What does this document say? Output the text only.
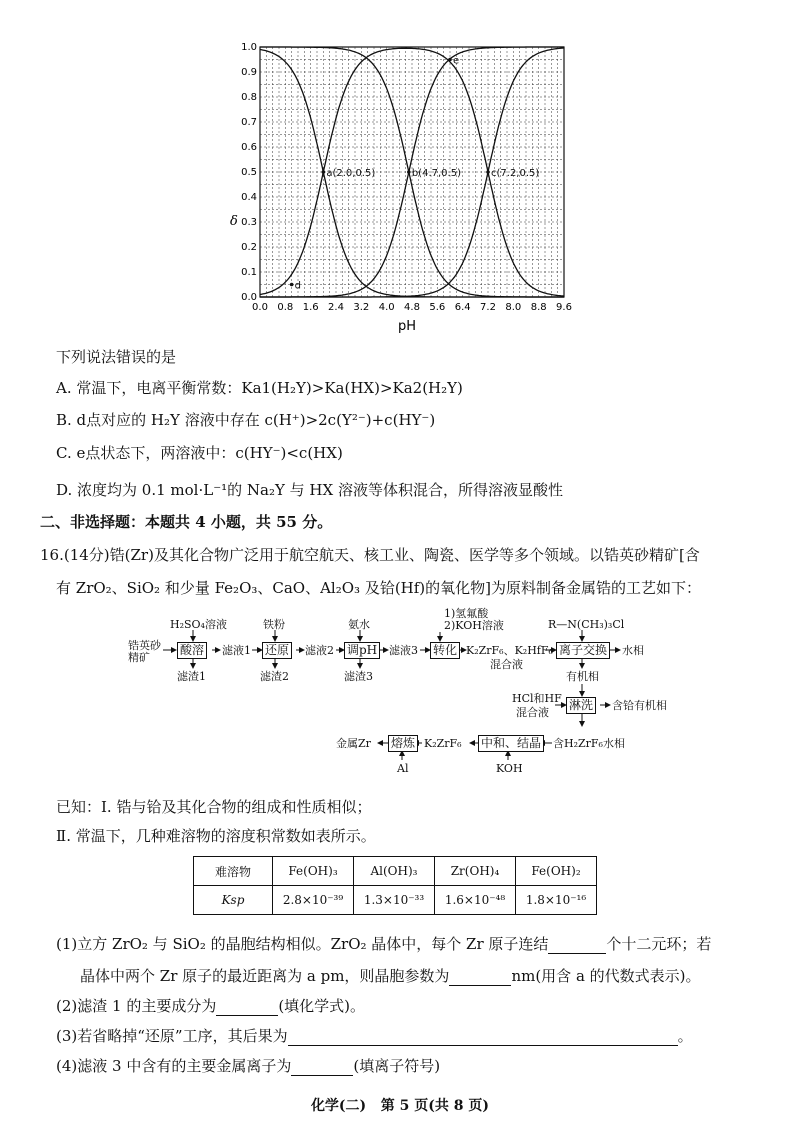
0.0 0.8 1.6 2.4 3.2 4.0 4.8 5.6 6.4 7.2 8.0 8.8 9.6
0.0
0.1
0.2
0.3
0.4
0.5
0.6
0.7
0.8
0.9
1.0
a(2.0,0.5)	b(4.7,0.5)	c(7.2,0.5)
d
e
δ
pH
下列说法错误的是
A. 常温下，电离平衡常数：Ka1(H₂Y)>Ka(HX)>Ka2(H₂Y)
B. d点对应的 H₂Y 溶液中存在 c(H⁺)>2c(Y²⁻)+c(HY⁻)
C. e点状态下，两溶液中：c(HY⁻)<c(HX)
D. 浓度均为 0.1 mol·L⁻¹的 Na₂Y 与 HX 溶液等体积混合，所得溶液显酸性
二、非选择题：本题共 4 小题，共 55 分。
16.(14分)锆(Zr)及其化合物广泛用于航空航天、核工业、陶瓷、医学等多个领域。以锆英砂精矿[含
有 ZrO₂、SiO₂ 和少量 Fe₂O₃、CaO、Al₂O₃ 及铪(Hf)的氧化物]为原料制备金属锆的工艺如下：
锆英砂精矿
H₂SO₄溶液
酸溶 滤液1
滤渣1
铁粉
还原 滤液2
滤渣2
氨水
调pH 滤液3
滤渣3
1)氢氟酸
2)KOH溶液
转化 K₂ZrF₆、K₂HfF₆
混合液
R—N(CH₃)₃Cl
离子交换 水相
有机相
HCl和HF
混合液
淋洗 含铪有机相
含H₂ZrF₆水相
中和、结晶
KOH
K₂ZrF₆
熔炼
Al
金属Zr
已知：Ⅰ. 锆与铪及其化合物的组成和性质相似；
Ⅱ. 常温下，几种难溶物的溶度积常数如表所示。
难溶物	Fe(OH)₃	Al(OH)₃	Zr(OH)₄	Fe(OH)₂
Ksp	2.8×10⁻³⁹	1.3×10⁻³³	1.6×10⁻⁴⁸	1.8×10⁻¹⁶
(1)立方 ZrO₂ 与 SiO₂ 的晶胞结构相似。ZrO₂ 晶体中，每个 Zr 原子连结	个十二元环；若
晶体中两个 Zr 原子的最近距离为 a pm，则晶胞参数为	nm(用含 a 的代数式表示)。
(2)滤渣 1 的主要成分为	(填化学式)。
(3)若省略掉“还原”工序，其后果为	。
(4)滤液 3 中含有的主要金属离子为	(填离子符号)
化学(二)   第 5 页(共 8 页)
